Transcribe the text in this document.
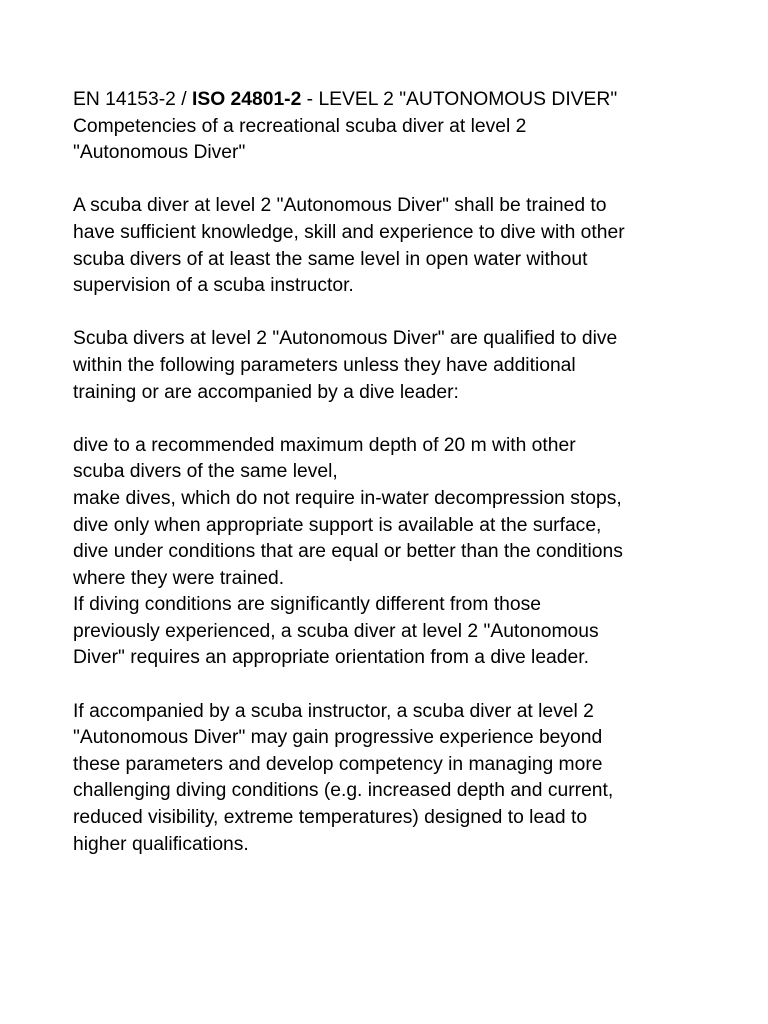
EN 14153-2 / ISO 24801-2 - LEVEL 2 "AUTONOMOUS DIVER"
Competencies of a recreational scuba diver at level 2
"Autonomous Diver"
A scuba diver at level 2 "Autonomous Diver" shall be trained to
have sufficient knowledge, skill and experience to dive with other
scuba divers of at least the same level in open water without
supervision of a scuba instructor.
Scuba divers at level 2 "Autonomous Diver" are qualified to dive
within the following parameters unless they have additional
training or are accompanied by a dive leader:
dive to a recommended maximum depth of 20 m with other
scuba divers of the same level,
make dives, which do not require in-water decompression stops,
dive only when appropriate support is available at the surface,
dive under conditions that are equal or better than the conditions
where they were trained.
If diving conditions are significantly different from those
previously experienced, a scuba diver at level 2 "Autonomous
Diver" requires an appropriate orientation from a dive leader.
If accompanied by a scuba instructor, a scuba diver at level 2
"Autonomous Diver" may gain progressive experience beyond
these parameters and develop competency in managing more
challenging diving conditions (e.g. increased depth and current,
reduced visibility, extreme temperatures) designed to lead to
higher qualifications.
